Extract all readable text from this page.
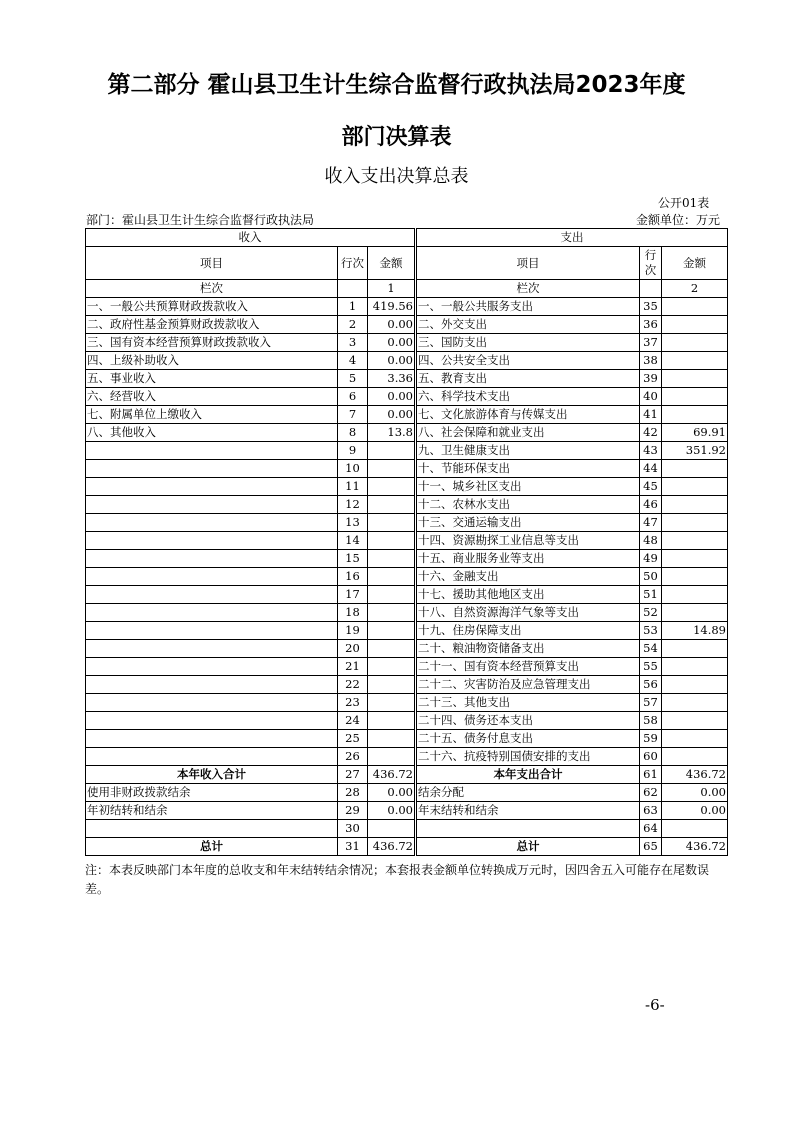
第二部分 霍山县卫生计生综合监督行政执法局2023年度
部门决算表
收入支出决算总表
公开01表
部门：霍山县卫生计生综合监督行政执法局	金额单位：万元
收入			支出		
项目	行次	金额	项目	行次	金额
栏次		1	栏次		2
一、一般公共预算财政拨款收入	1	419.56	一、一般公共服务支出	35	
二、政府性基金预算财政拨款收入	2	0.00	二、外交支出	36	
三、国有资本经营预算财政拨款收入	3	0.00	三、国防支出	37	
四、上级补助收入	4	0.00	四、公共安全支出	38	
五、事业收入	5	3.36	五、教育支出	39	
六、经营收入	6	0.00	六、科学技术支出	40	
七、附属单位上缴收入	7	0.00	七、文化旅游体育与传媒支出	41	
八、其他收入	8	13.8	八、社会保障和就业支出	42	69.91
	9		九、卫生健康支出	43	351.92
	10		十、节能环保支出	44	
	11		十一、城乡社区支出	45	
	12		十二、农林水支出	46	
	13		十三、交通运输支出	47	
	14		十四、资源勘探工业信息等支出	48	
	15		十五、商业服务业等支出	49	
	16		十六、金融支出	50	
	17		十七、援助其他地区支出	51	
	18		十八、自然资源海洋气象等支出	52	
	19		十九、住房保障支出	53	14.89
	20		二十、粮油物资储备支出	54	
	21		二十一、国有资本经营预算支出	55	
	22		二十二、灾害防治及应急管理支出	56	
	23		二十三、其他支出	57	
	24		二十四、债务还本支出	58	
	25		二十五、债务付息支出	59	
	26		二十六、抗疫特别国债安排的支出	60	
本年收入合计	27	436.72	本年支出合计	61	436.72
使用非财政拨款结余	28	0.00	结余分配	62	0.00
年初结转和结余	29	0.00	年末结转和结余	63	0.00
	30			64	
总计	31	436.72	总计	65	436.72
注：本表反映部门本年度的总收支和年末结转结余情况；本套报表金额单位转换成万元时，因四舍五入可能存在尾数误差。
-6-
